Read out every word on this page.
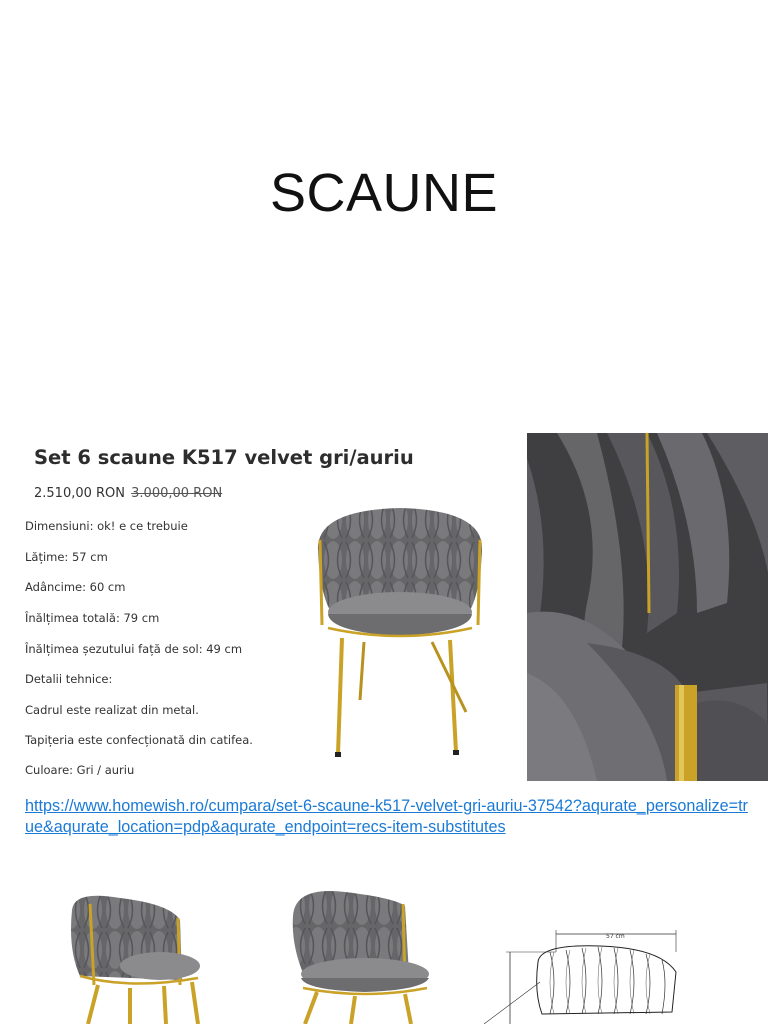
SCAUNE
Set 6 scaune K517 velvet gri/auriu
2.510,00 RON 3.000,00 RON
Dimensiuni: ok! e ce trebuie
Lățime: 57 cm
Adâncime: 60 cm
Înălțimea totală: 79 cm
Înălțimea șezutului față de sol: 49 cm
Detalii tehnice:
Cadrul este realizat din metal.
Tapițeria este confecționată din catifea.
Culoare: Gri / auriu
https://www.homewish.ro/cumpara/set-6-scaune-k517-velvet-gri-auriu-37542?aqurate_personalize=true&aqurate_location=pdp&aqurate_endpoint=recs-item-substitutes
57 cm
